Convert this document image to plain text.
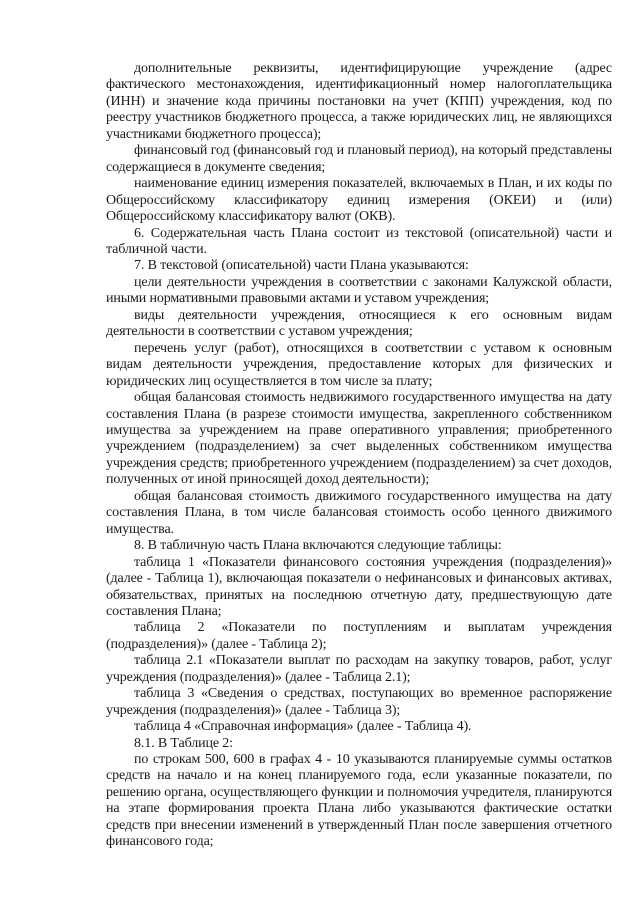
дополнительные реквизиты, идентифицирующие учреждение (адрес фактического местонахождения, идентификационный номер налогоплательщика (ИНН) и значение кода причины постановки на учет (КПП) учреждения, код по реестру участников бюджетного процесса, а также юридических лиц, не являющихся участниками бюджетного процесса);

финансовый год (финансовый год и плановый период), на который представлены содержащиеся в документе сведения;

наименование единиц измерения показателей, включаемых в План, и их коды по Общероссийскому классификатору единиц измерения (ОКЕИ) и (или) Общероссийскому классификатору валют (ОКВ).

6. Содержательная часть Плана состоит из текстовой (описательной) части и табличной части.

7. В текстовой (описательной) части Плана указываются:

цели деятельности учреждения в соответствии с законами Калужской области, иными нормативными правовыми актами и уставом учреждения;

виды деятельности учреждения, относящиеся к его основным видам деятельности в соответствии с уставом учреждения;

перечень услуг (работ), относящихся в соответствии с уставом к основным видам деятельности учреждения, предоставление которых для физических и юридических лиц осуществляется в том числе за плату;

общая балансовая стоимость недвижимого государственного имущества на дату составления Плана (в разрезе стоимости имущества, закрепленного собственником имущества за учреждением на праве оперативного управления; приобретенного учреждением (подразделением) за счет выделенных собственником имущества учреждения средств; приобретенного учреждением (подразделением) за счет доходов, полученных от иной приносящей доход деятельности);

общая балансовая стоимость движимого государственного имущества на дату составления Плана, в том числе балансовая стоимость особо ценного движимого имущества.

8. В табличную часть Плана включаются следующие таблицы:

таблица 1 «Показатели финансового состояния учреждения (подразделения)» (далее - Таблица 1), включающая показатели о нефинансовых и финансовых активах, обязательствах, принятых на последнюю отчетную дату, предшествующую дате составления Плана;

таблица 2 «Показатели по поступлениям и выплатам учреждения (подразделения)» (далее - Таблица 2);

таблица 2.1 «Показатели выплат по расходам на закупку товаров, работ, услуг учреждения (подразделения)» (далее - Таблица 2.1);

таблица 3 «Сведения о средствах, поступающих во временное распоряжение учреждения (подразделения)» (далее - Таблица 3);

таблица 4 «Справочная информация» (далее - Таблица 4).

8.1. В Таблице 2:

по строкам 500, 600 в графах 4 - 10 указываются планируемые суммы остатков средств на начало и на конец планируемого года, если указанные показатели, по решению органа, осуществляющего функции и полномочия учредителя, планируются на этапе формирования проекта Плана либо указываются фактические остатки средств при внесении изменений в утвержденный План после завершения отчетного финансового года;
